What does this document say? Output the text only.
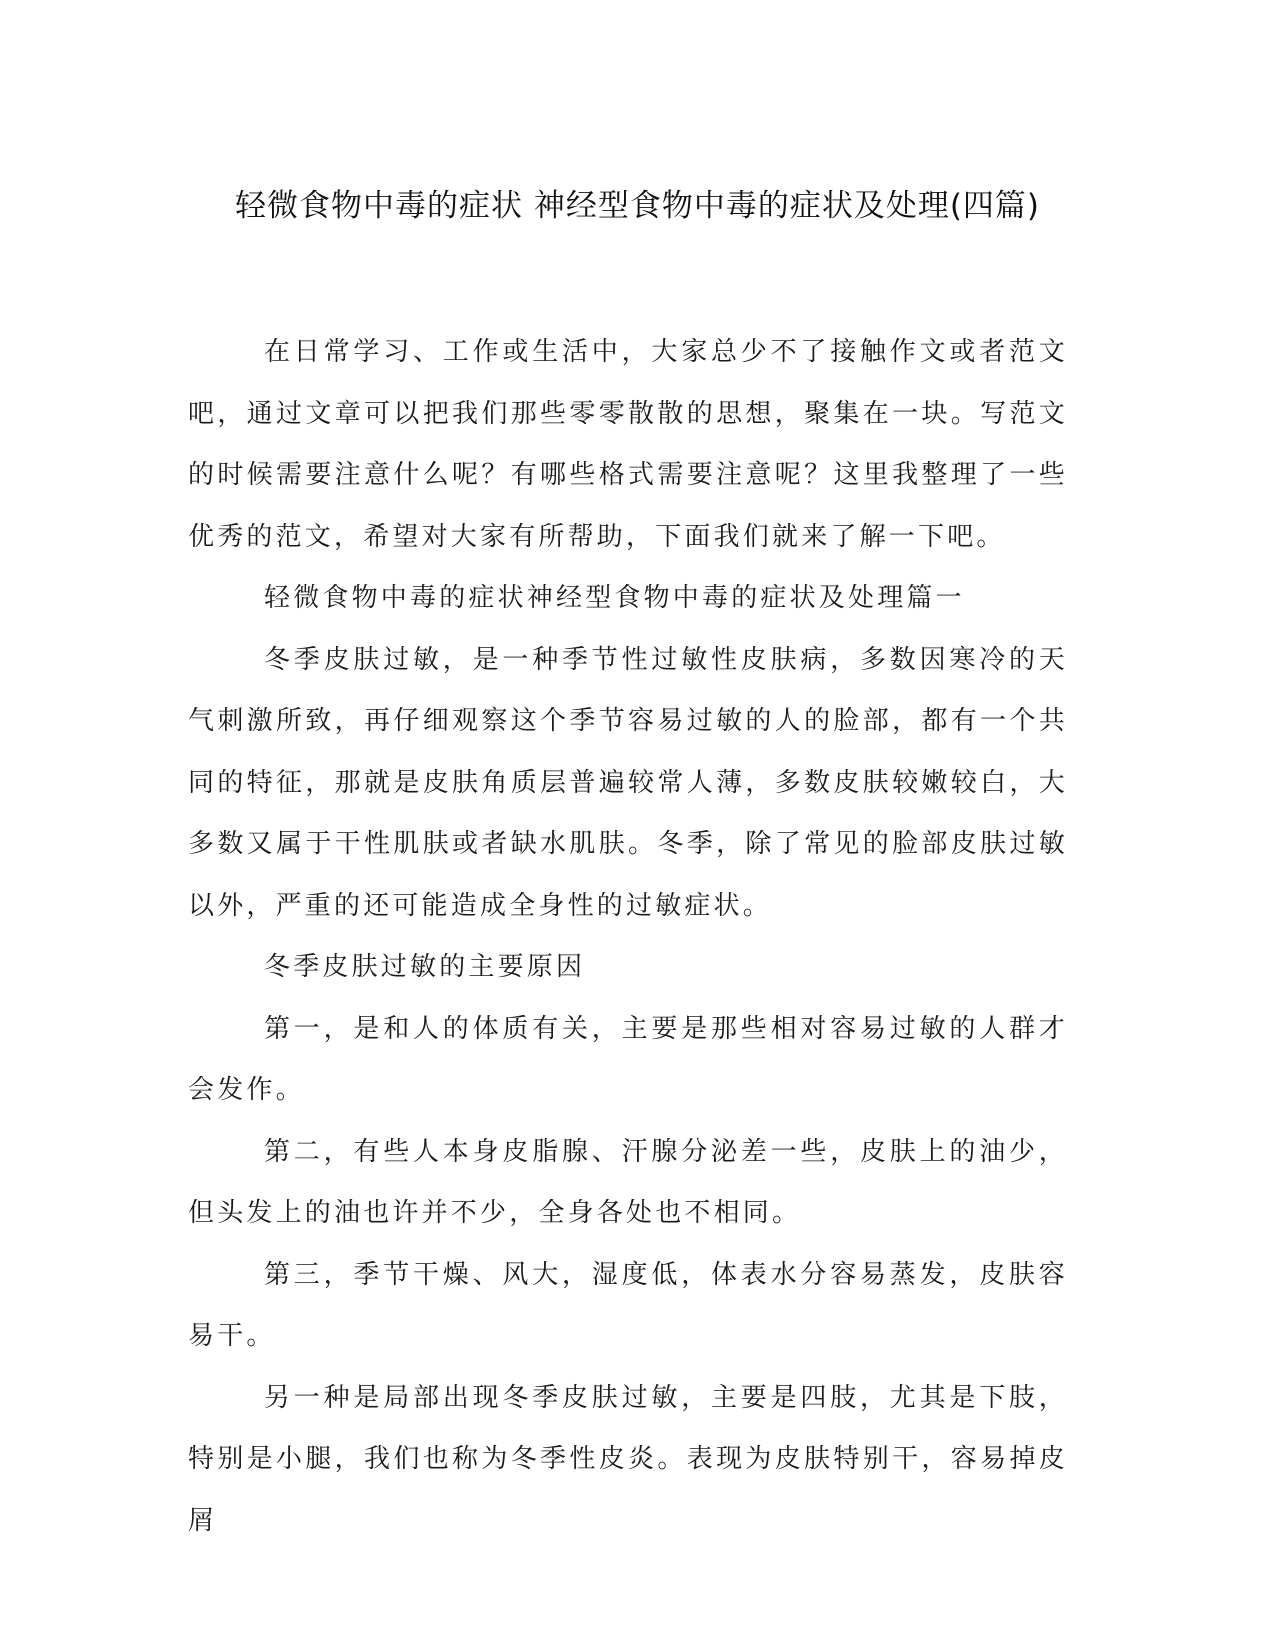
轻微食物中毒的症状 神经型食物中毒的症状及处理(四篇)

在日常学习、工作或生活中，大家总少不了接触作文或者范文吧，通过文章可以把我们那些零零散散的思想，聚集在一块。写范文的时候需要注意什么呢？有哪些格式需要注意呢？这里我整理了一些优秀的范文，希望对大家有所帮助，下面我们就来了解一下吧。

轻微食物中毒的症状神经型食物中毒的症状及处理篇一

冬季皮肤过敏，是一种季节性过敏性皮肤病，多数因寒冷的天气刺激所致，再仔细观察这个季节容易过敏的人的脸部，都有一个共同的特征，那就是皮肤角质层普遍较常人薄，多数皮肤较嫩较白，大多数又属于干性肌肤或者缺水肌肤。冬季，除了常见的脸部皮肤过敏以外，严重的还可能造成全身性的过敏症状。

冬季皮肤过敏的主要原因

第一，是和人的体质有关，主要是那些相对容易过敏的人群才会发作。

第二，有些人本身皮脂腺、汗腺分泌差一些，皮肤上的油少，但头发上的油也许并不少，全身各处也不相同。

第三，季节干燥、风大，湿度低，体表水分容易蒸发，皮肤容易干。

另一种是局部出现冬季皮肤过敏，主要是四肢，尤其是下肢，特别是小腿，我们也称为冬季性皮炎。表现为皮肤特别干，容易掉皮屑
